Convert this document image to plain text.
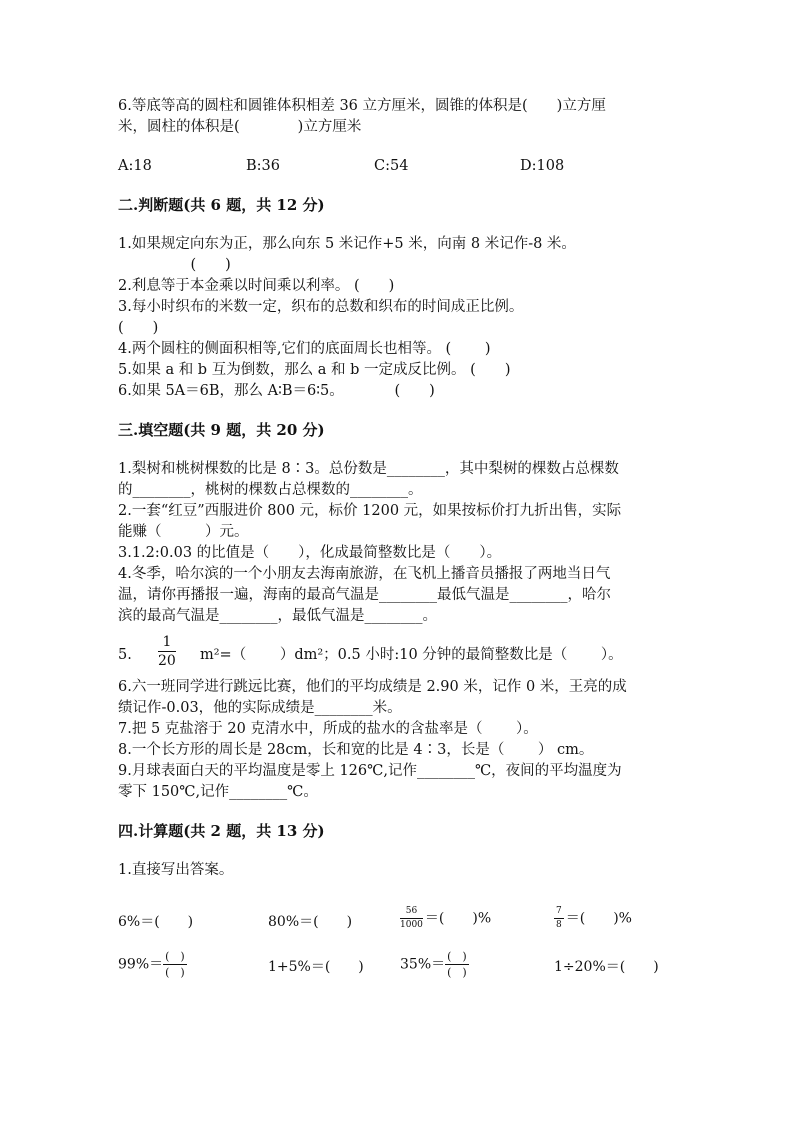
6.等底等高的圆柱和圆锥体积相差 36 立方厘米，圆锥的体积是(　　)立方厘
米，圆柱的体积是(　　　　)立方厘米
A:18	B:36	C:54	D:108
二.判断题(共 6 题，共 12 分)
1.如果规定向东为正，那么向东 5 米记作+5 米，向南 8 米记作-8 米。
　　　　　(　　)
2.利息等于本金乘以时间乘以利率。 (　　)
3.每小时织布的米数一定，织布的总数和织布的时间成正比例。
(　　)
4.两个圆柱的侧面积相等,它们的底面周长也相等。 (　　 )
5.如果 a 和 b 互为倒数，那么 a 和 b 一定成反比例。 (　　)
6.如果 5A＝6B，那么 A∶B＝6∶5。　　　　(　　)
三.填空题(共 9 题，共 20 分)
1.梨树和桃树棵数的比是 8∶3。总份数是________，其中梨树的棵数占总棵数
的________，桃树的棵数占总棵数的________。
2.一套“红豆”西服进价 800 元，标价 1200 元，如果按标价打九折出售，实际
能赚（　　　）元。
3.1.2:0.03 的比值是（　　），化成最简整数比是（　　）。
4.冬季，哈尔滨的一个小朋友去海南旅游，在飞机上播音员播报了两地当日气
温，请你再播报一遍，海南的最高气温是________最低气温是________，哈尔
滨的最高气温是________，最低气温是________。
5. $\frac{1}{20} m^2=$（　　 ）dm²；0.5 小时:10 分钟的最简整数比是（　　 ）。
6.六一班同学进行跳远比赛，他们的平均成绩是 2.90 米，记作 0 米，王亮的成
绩记作-0.03，他的实际成绩是________米。
7.把 5 克盐溶于 20 克清水中，所成的盐水的含盐率是（　　 ）。
8.一个长方形的周长是 28cm，长和宽的比是 4∶3，长是（　　 ） cm。
9.月球表面白天的平均温度是零上 126℃,记作________℃，夜间的平均温度为
零下 150℃,记作________℃。
四.计算题(共 2 题，共 13 分)
1.直接写出答案。
6%＝(　　)	80%＝(　　)	$\frac{56}{1000}$ ＝(　　)%	$\frac{7}{8}$ ＝(　　)%
$99\%= \frac{( )}{( )}$	1+5%＝(　　)	$35\%= \frac{( )}{( )}$	1÷20%＝(　　)
